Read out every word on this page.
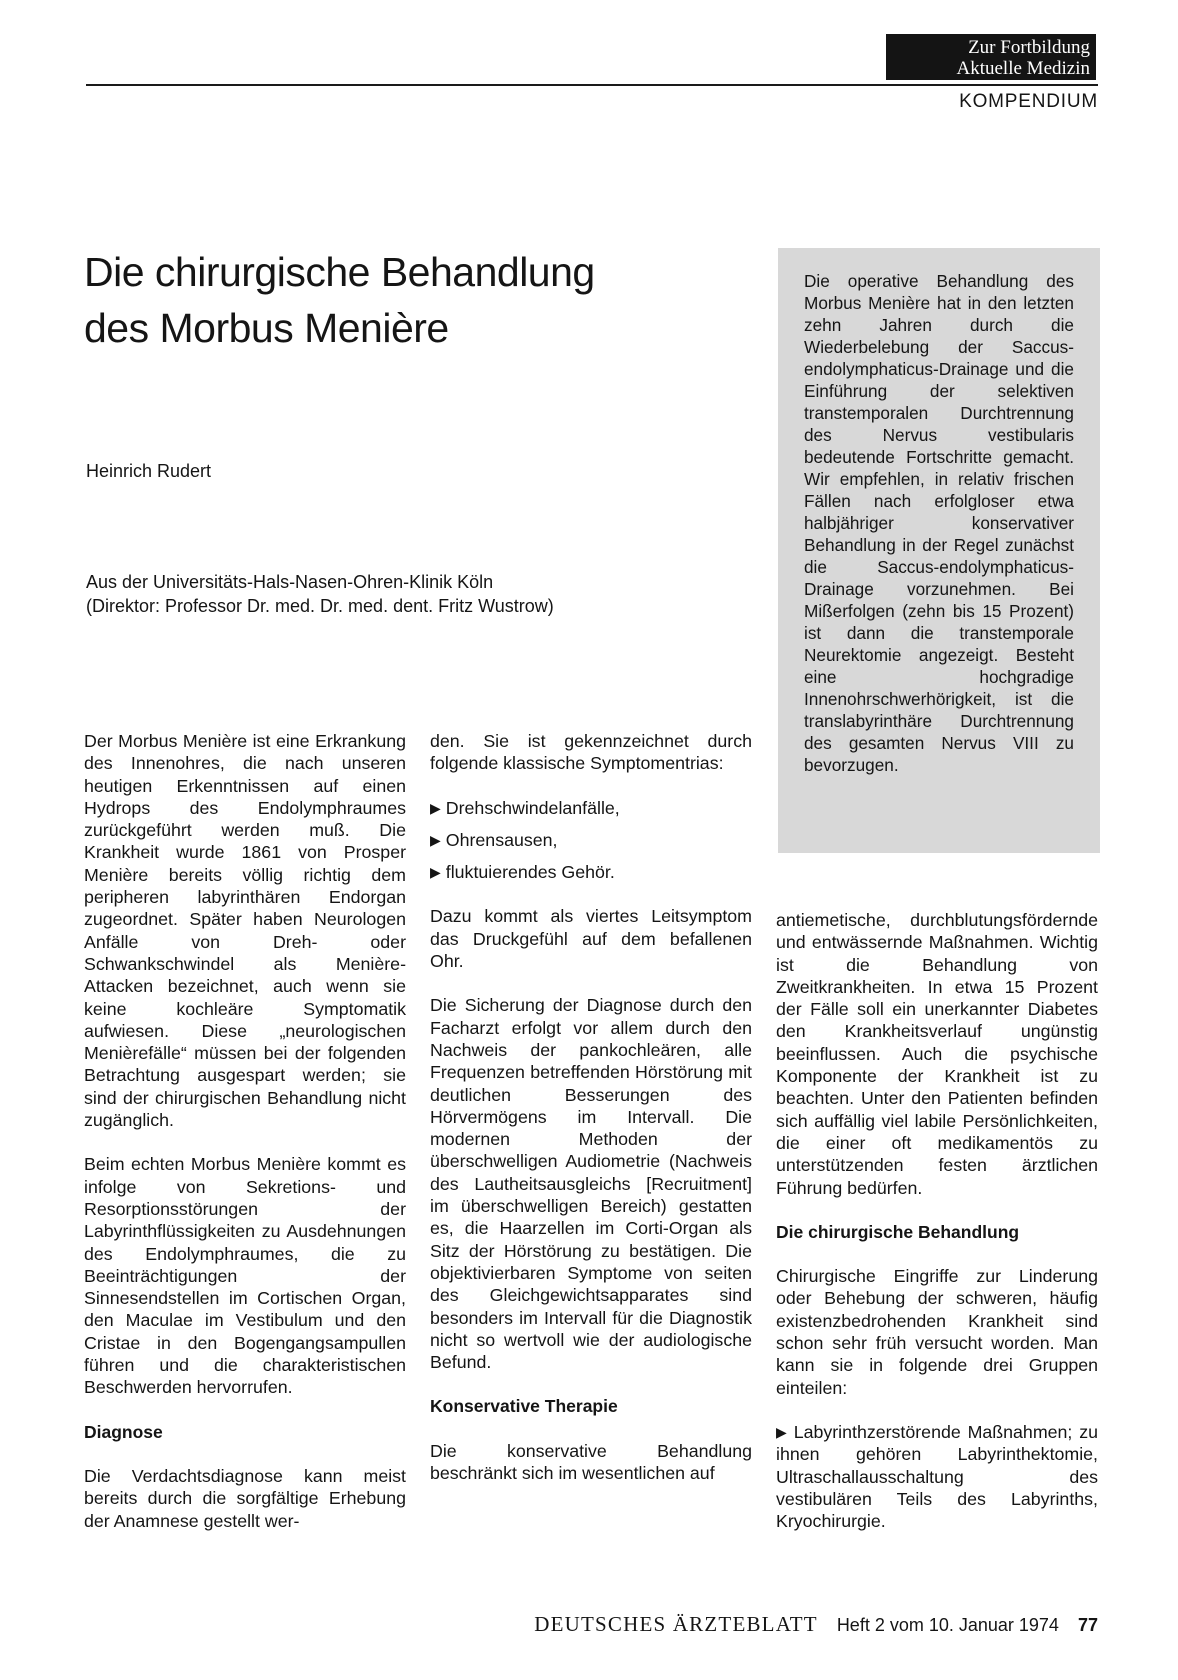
Zur Fortbildung
Aktuelle Medizin
KOMPENDIUM
Die chirurgische Behandlung
des Morbus Menière
Heinrich Rudert
Aus der Universitäts-Hals-Nasen-Ohren-Klinik Köln
(Direktor: Professor Dr. med. Dr. med. dent. Fritz Wustrow)
Die operative Behandlung des Morbus Menière hat in den letzten zehn Jahren durch die Wiederbelebung der Saccus-endolymphaticus-Drainage und die Einführung der selektiven transtemporalen Durchtrennung des Nervus vestibularis bedeutende Fortschritte gemacht. Wir empfehlen, in relativ frischen Fällen nach erfolgloser etwa halbjähriger konservativer Behandlung in der Regel zunächst die Saccus-endolymphaticus-Drainage vorzunehmen. Bei Mißerfolgen (zehn bis 15 Prozent) ist dann die transtemporale Neurektomie angezeigt. Besteht eine hochgradige Innenohrschwerhörigkeit, ist die translabyrinthäre Durchtrennung des gesamten Nervus VIII zu bevorzugen.

Der Morbus Menière ist eine Erkrankung des Innenohres, die nach unseren heutigen Erkenntnissen auf einen Hydrops des Endolymphraumes zurückgeführt werden muß. Die Krankheit wurde 1861 von Prosper Menière bereits völlig richtig dem peripheren labyrinthären Endorgan zugeordnet. Später haben Neurologen Anfälle von Dreh- oder Schwankschwindel als Menière-Attacken bezeichnet, auch wenn sie keine kochleäre Symptomatik aufwiesen. Diese „neurologischen Menièrefälle“ müssen bei der folgenden Betrachtung ausgespart werden; sie sind der chirurgischen Behandlung nicht zugänglich.

Beim echten Morbus Menière kommt es infolge von Sekretions- und Resorptionsstörungen der Labyrinthflüssigkeiten zu Ausdehnungen des Endolymphraumes, die zu Beeinträchtigungen der Sinnesendstellen im Cortischen Organ, den Maculae im Vestibulum und den Cristae in den Bogengangsampullen führen und die charakteristischen Beschwerden hervorrufen.

Diagnose

Die Verdachtsdiagnose kann meist bereits durch die sorgfältige Erhebung der Anamnese gestellt wer-

den. Sie ist gekennzeichnet durch folgende klassische Symptomentrias:

▶ Drehschwindelanfälle,
▶ Ohrensausen,
▶ fluktuierendes Gehör.

Dazu kommt als viertes Leitsymptom das Druckgefühl auf dem befallenen Ohr.

Die Sicherung der Diagnose durch den Facharzt erfolgt vor allem durch den Nachweis der pankochleären, alle Frequenzen betreffenden Hörstörung mit deutlichen Besserungen des Hörvermögens im Intervall. Die modernen Methoden der überschwelligen Audiometrie (Nachweis des Lautheitsausgleichs [Recruitment] im überschwelligen Bereich) gestatten es, die Haarzellen im Corti-Organ als Sitz der Hörstörung zu bestätigen. Die objektivierbaren Symptome von seiten des Gleichgewichtsapparates sind besonders im Intervall für die Diagnostik nicht so wertvoll wie der audiologische Befund.

Konservative Therapie

Die konservative Behandlung beschränkt sich im wesentlichen auf

antiemetische, durchblutungsfördernde und entwässernde Maßnahmen. Wichtig ist die Behandlung von Zweitkrankheiten. In etwa 15 Prozent der Fälle soll ein unerkannter Diabetes den Krankheitsverlauf ungünstig beeinflussen. Auch die psychische Komponente der Krankheit ist zu beachten. Unter den Patienten befinden sich auffällig viel labile Persönlichkeiten, die einer oft medikamentös zu unterstützenden festen ärztlichen Führung bedürfen.

Die chirurgische Behandlung

Chirurgische Eingriffe zur Linderung oder Behebung der schweren, häufig existenzbedrohenden Krankheit sind schon sehr früh versucht worden. Man kann sie in folgende drei Gruppen einteilen:

▶ Labyrinthzerstörende Maßnahmen; zu ihnen gehören Labyrinthektomie, Ultraschallausschaltung des vestibulären Teils des Labyrinths, Kryochirurgie.

DEUTSCHES ÄRZTEBLATT Heft 2 vom 10. Januar 1974 77
